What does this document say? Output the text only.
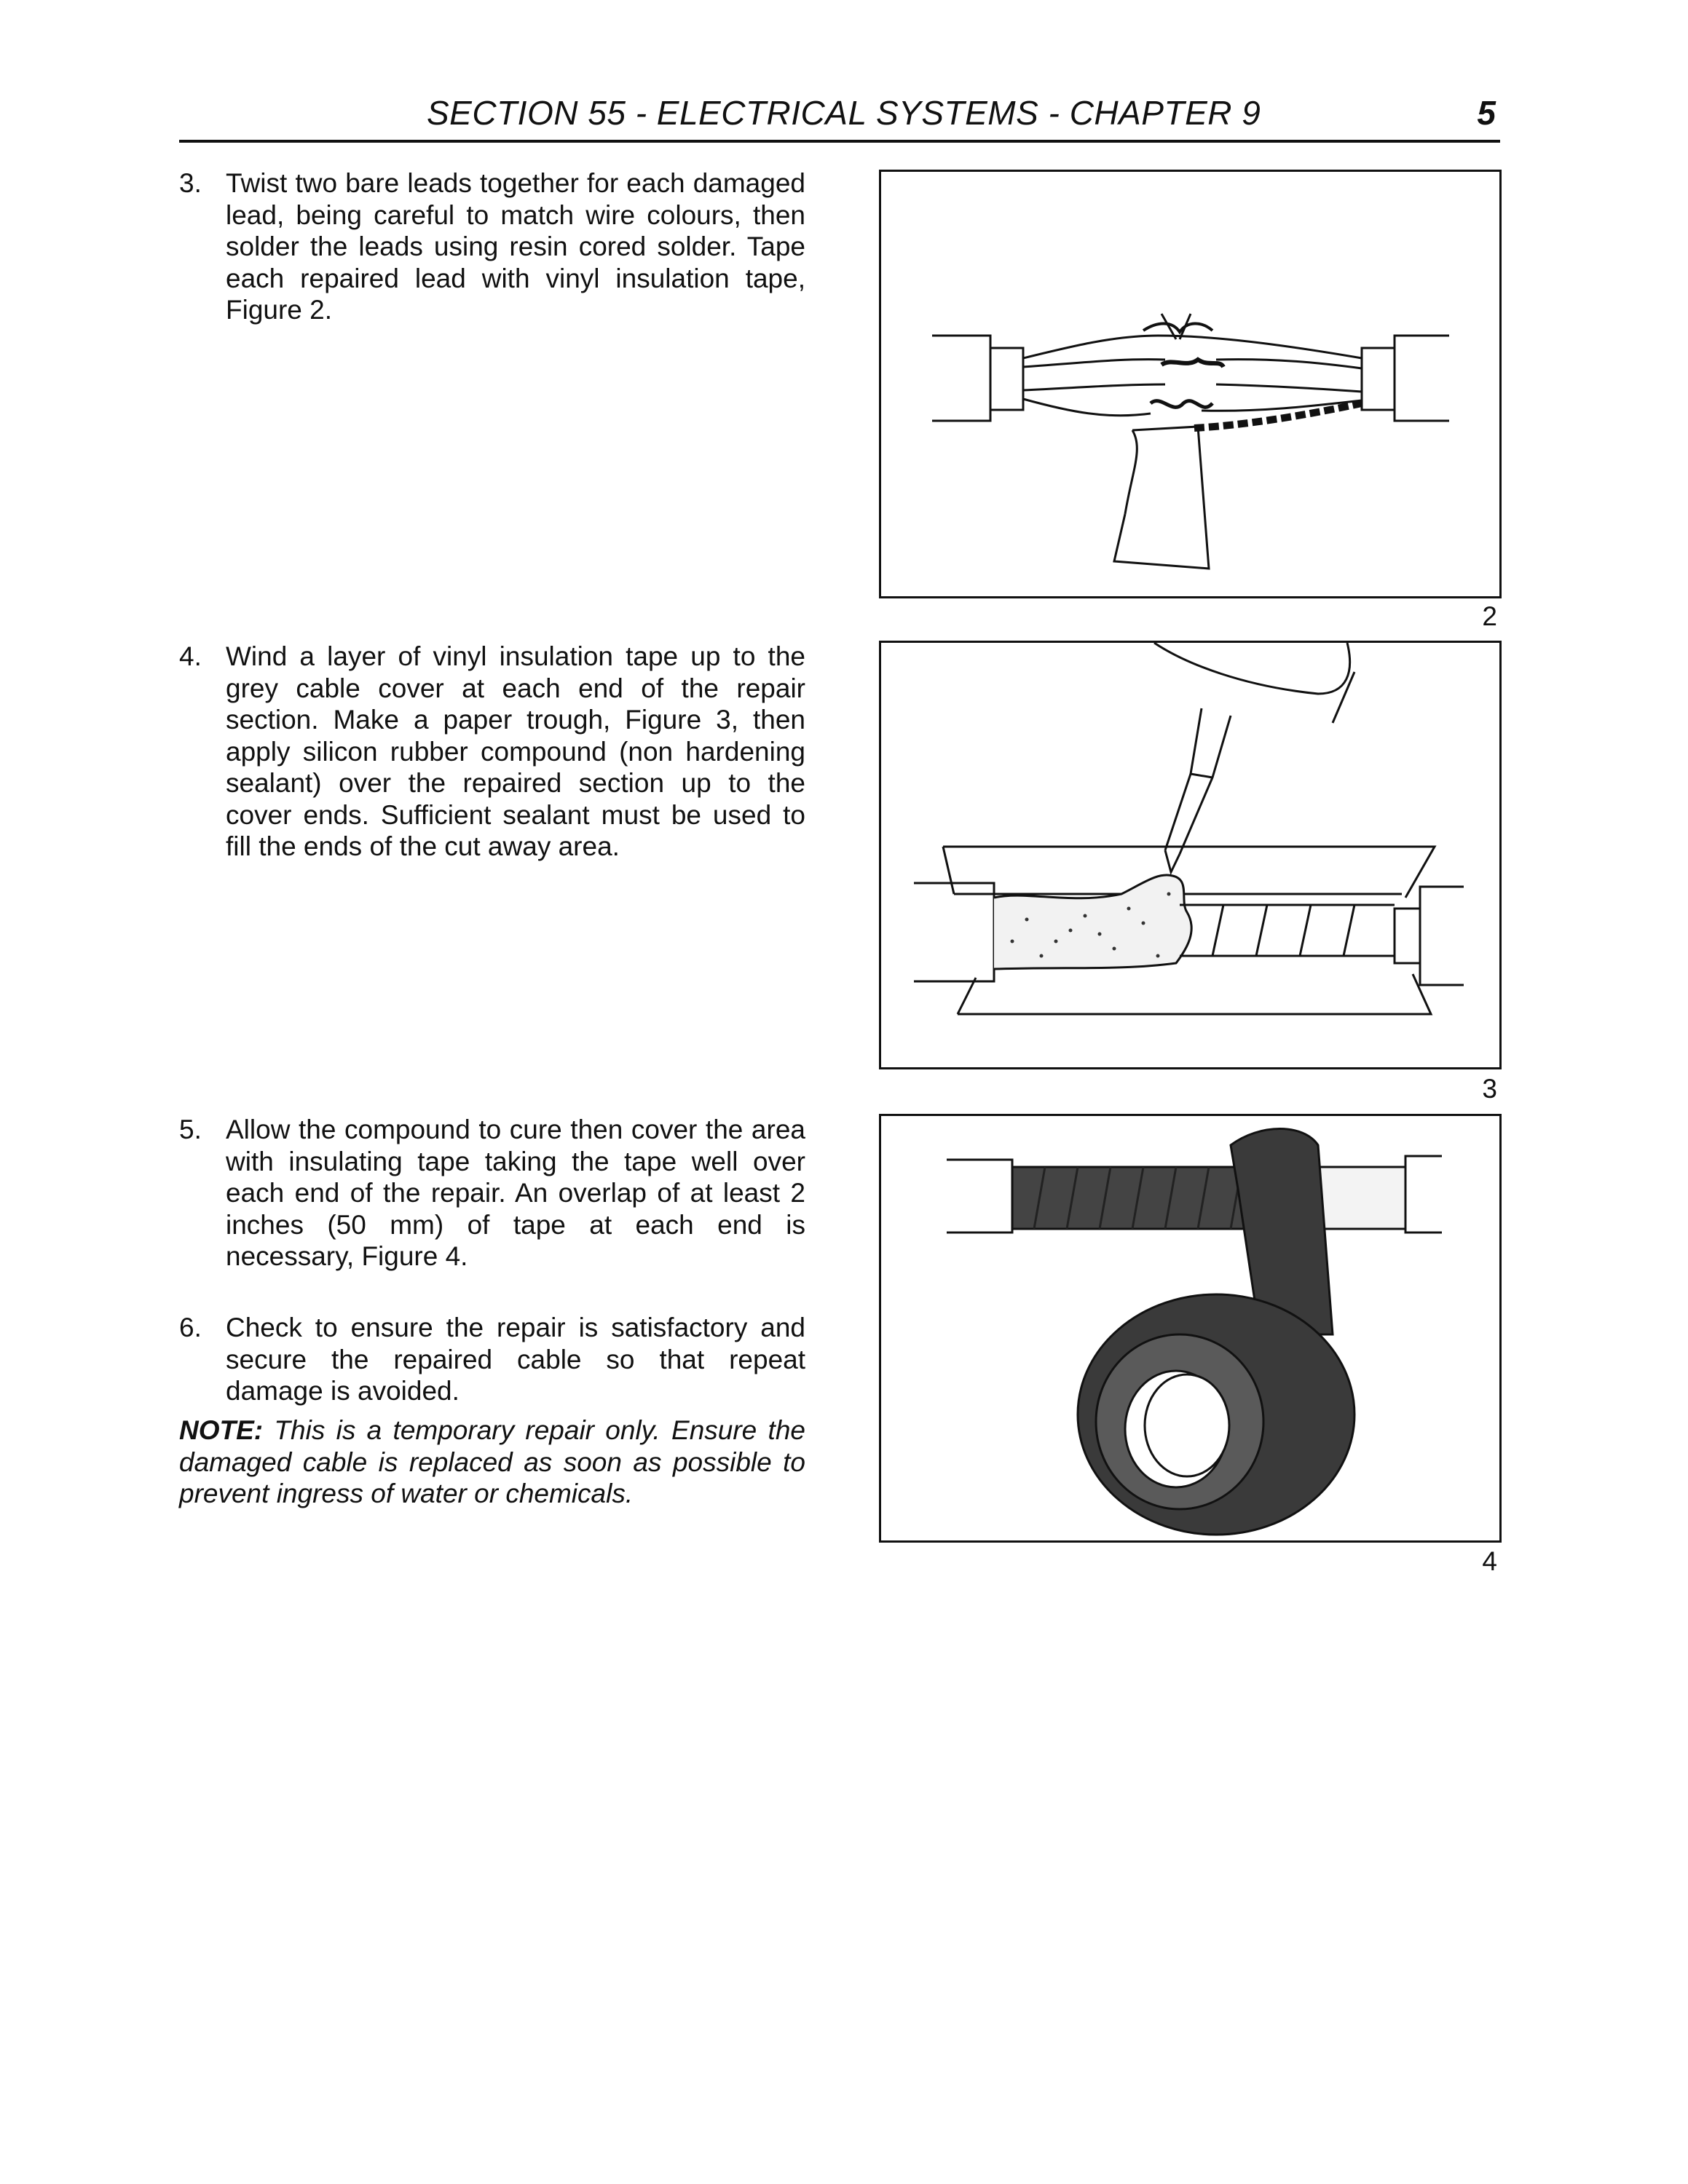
SECTION 55 - ELECTRICAL SYSTEMS - CHAPTER 9	5
3. Twist two bare leads together for each damaged lead, being careful to match wire colours, then solder the leads using resin cored solder. Tape each repaired lead with vinyl insulation tape, Figure 2.
4. Wind a layer of vinyl insulation tape up to the grey cable cover at each end of the repair section. Make a paper trough, Figure 3, then apply silicon rubber compound (non hardening sealant) over the repaired section up to the cover ends. Sufficient sealant must be used to fill the ends of the cut away area.
5. Allow the compound to cure then cover the area with insulating tape taking the tape well over each end of the repair. An overlap of at least 2 inches (50 mm) of tape at each end is necessary, Figure 4.
6. Check to ensure the repair is satisfactory and secure the repaired cable so that repeat damage is avoided.
NOTE: This is a temporary repair only. Ensure the damaged cable is replaced as soon as possible to prevent ingress of water or chemicals.
2
3
4
